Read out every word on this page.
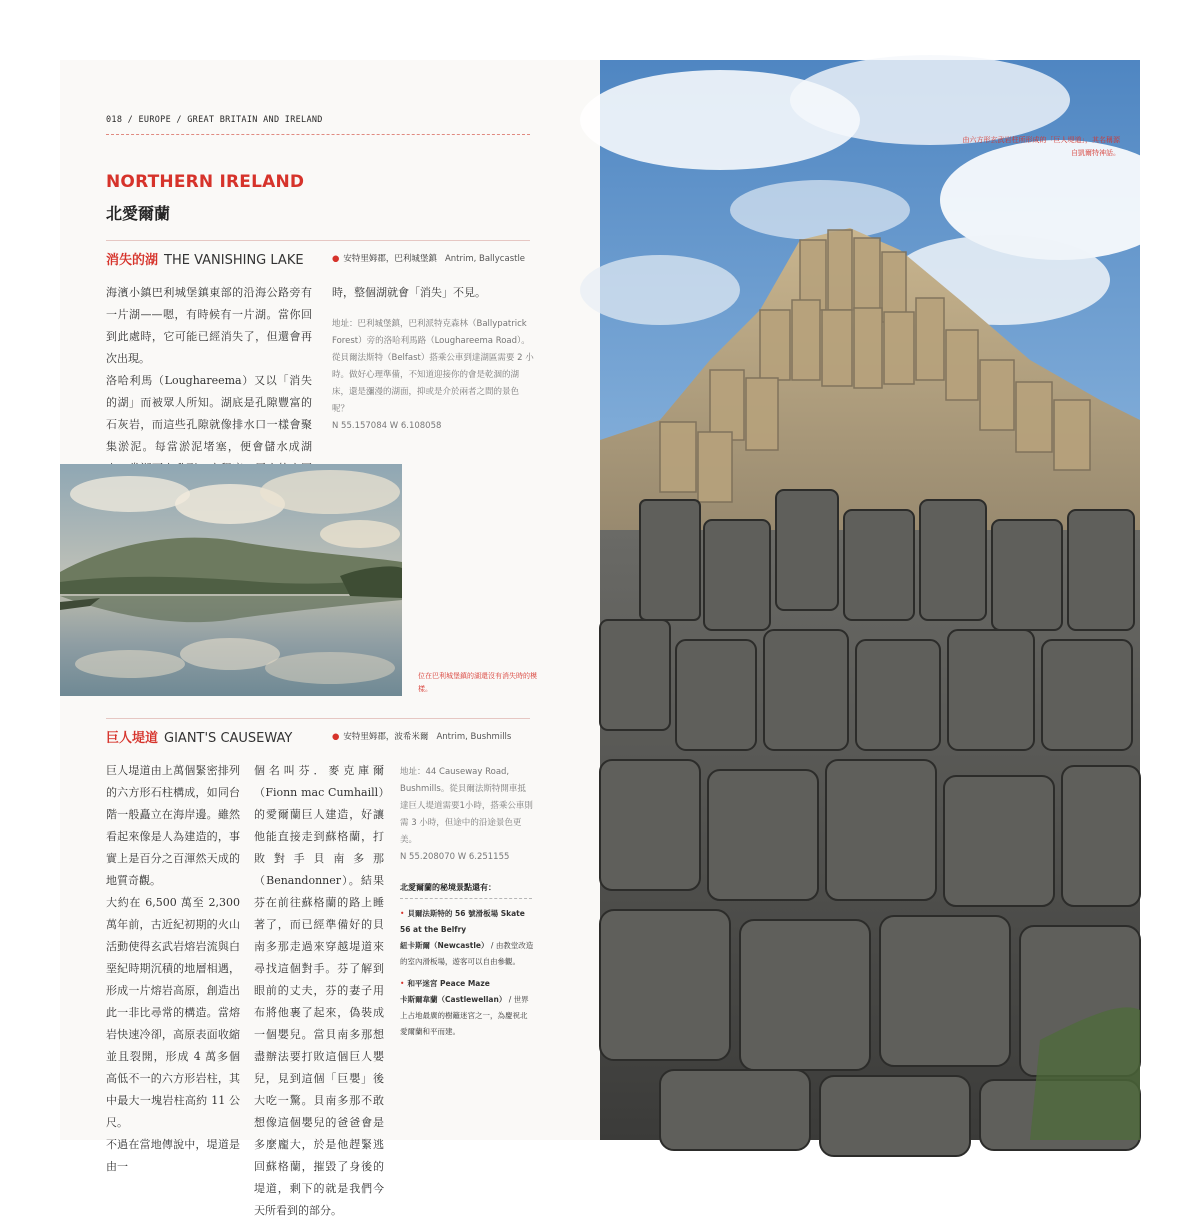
018 / EUROPE / GREAT BRITAIN AND IRELAND
NORTHERN IRELAND
北愛爾蘭
消失的湖 THE VANISHING LAKE	● 安特里姆郡，巴利城堡鎮 Antrim, Ballycastle

海濱小鎮巴利城堡鎮東部的沿海公路旁有一片湖——嗯，有時候有一片湖。當你回到此處時，它可能已經消失了，但還會再次出現。

洛哈利馬（Loughareema）又以「消失的湖」而被眾人所知。湖底是孔隙豐富的石灰岩，而這些孔隙就像排水口一樣會聚集淤泥。每當淤泥堵塞，便會儲水成湖

時，整個湖就會「消失」不見。

地址：巴利城堡鎮，巴利派特克森林（Ballypatrick Forest）旁的洛哈利馬路（Loughareema Road）。從貝爾法斯特（Belfast）搭乘公車到達湖區需要 2 小時。做好心理準備，不知道迎接你的會是乾涸的湖床，還是瀰漫的湖面，抑或是介於兩者之間的景色呢？

N 55.157084 W 6.108058

位在巴利城堡鎮的湖還沒有消失時的模樣。
巨人堤道 GIANT'S CAUSEWAY	● 安特里姆郡，波希米爾 Antrim, Bushmills

巨人堤道由上萬個緊密排列的六方形石柱構成，如同台階一般矗立在海岸邊。雖然看起來像是人為建造的，事實上是百分之百渾然天成的地質奇觀。

大約在 6,500 萬至 2,300 萬年前，古近紀初期的火山活動使得玄武岩熔岩流與白堊紀時期沉積的地層相遇，形成一片熔岩高原，創造出此一非比尋常的構造。當熔岩快速冷卻，高原表面收縮並且裂開，形成 4 萬多個高低不一的六方形岩柱，其中最大一塊岩柱高約 11 公尺。

不過在當地傳說中，堤道是由一

個名叫芬．麥克庫爾（Fionn mac Cumhaill）的愛爾蘭巨人建造，好讓他能直接走到蘇格蘭，打敗對手貝南多那（Benandonner）。結果芬在前往蘇格蘭的路上睡著了，而已經準備好的貝南多那走過來穿越堤道來尋找這個對手。芬了解到眼前的丈夫，芬的妻子用布將他裹了起來，偽裝成一個嬰兒。當貝南多那想盡辦法要打敗這個巨人嬰兒，見到這個「巨嬰」後大吃一驚。貝南多那不敢想像這個嬰兒的爸爸會是多麼龐大，於是他趕緊逃回蘇格蘭，摧毀了身後的堤道，剩下的就是我們今天所看到的部分。

地址：44 Causeway Road, Bushmills。從貝爾法斯特開車抵達巨人堤道需要1小時，搭乘公車則需 3 小時，但途中的沿途景色更美。

N 55.208070 W 6.251155

北愛爾蘭的秘境景點還有：
• 貝爾法斯特的 56 號滑板場 Skate 56 at the Belfry
紐卡斯爾（Newcastle） / 由教堂改造的室內滑板場，遊客可以自由參觀。
• 和平迷宮 Peace Maze
卡斯爾韋蘭（Castlewellan） / 世界上占地最廣的樹籬迷宮之一，為慶祝北愛爾蘭和平而建。
由六方形玄武岩柱所形成的「巨人堤道」，其名稱源自凱爾特神話。
